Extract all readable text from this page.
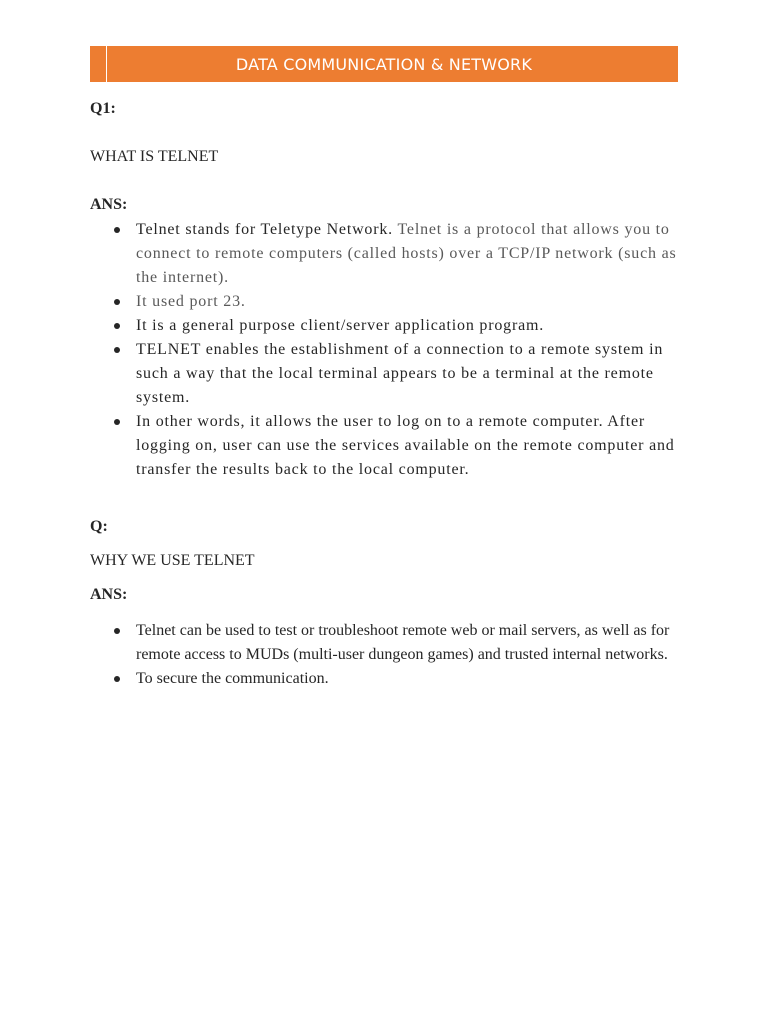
DATA COMMUNICATION & NETWORK
Q1:
WHAT IS TELNET
ANS:
Telnet stands for Teletype Network. Telnet is a protocol that allows you to connect to remote computers (called hosts) over a TCP/IP network (such as the internet).
It used port 23.
It is a general purpose client/server application program.
TELNET enables the establishment of a connection to a remote system in such a way that the local terminal appears to be a terminal at the remote system.
In other words, it allows the user to log on to a remote computer. After logging on, user can use the services available on the remote computer and transfer the results back to the local computer.
Q:
WHY WE USE TELNET
ANS:
Telnet can be used to test or troubleshoot remote web or mail servers, as well as for remote access to MUDs (multi-user dungeon games) and trusted internal networks.
To secure the communication.
